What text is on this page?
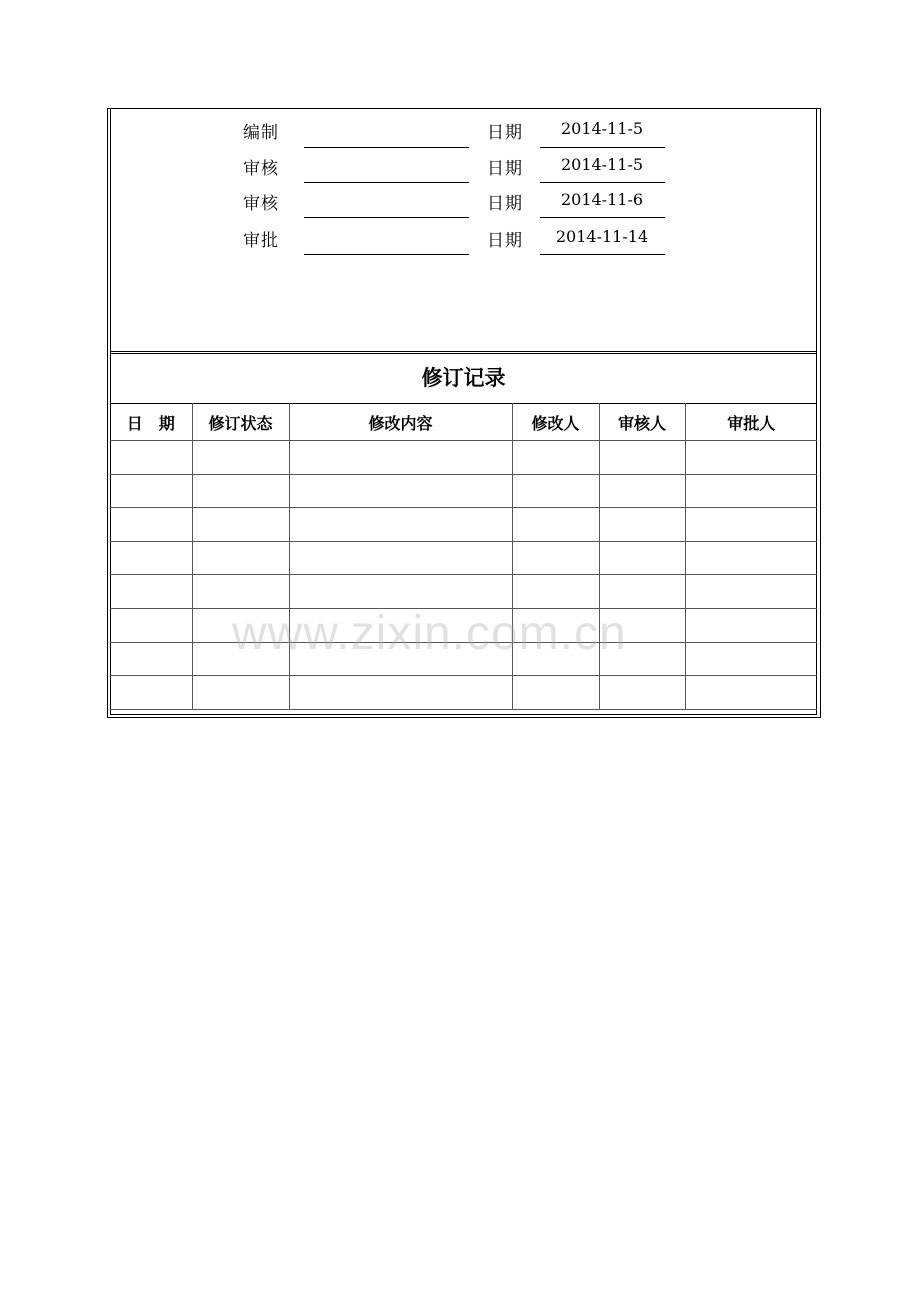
编制	日期	2014-11-5
审核	日期	2014-11-5
审核	日期	2014-11-6
审批	日期	2014-11-14
修订记录
日　期	修订状态	修改内容	修改人	审核人	审批人

www.zixin.com.cn
